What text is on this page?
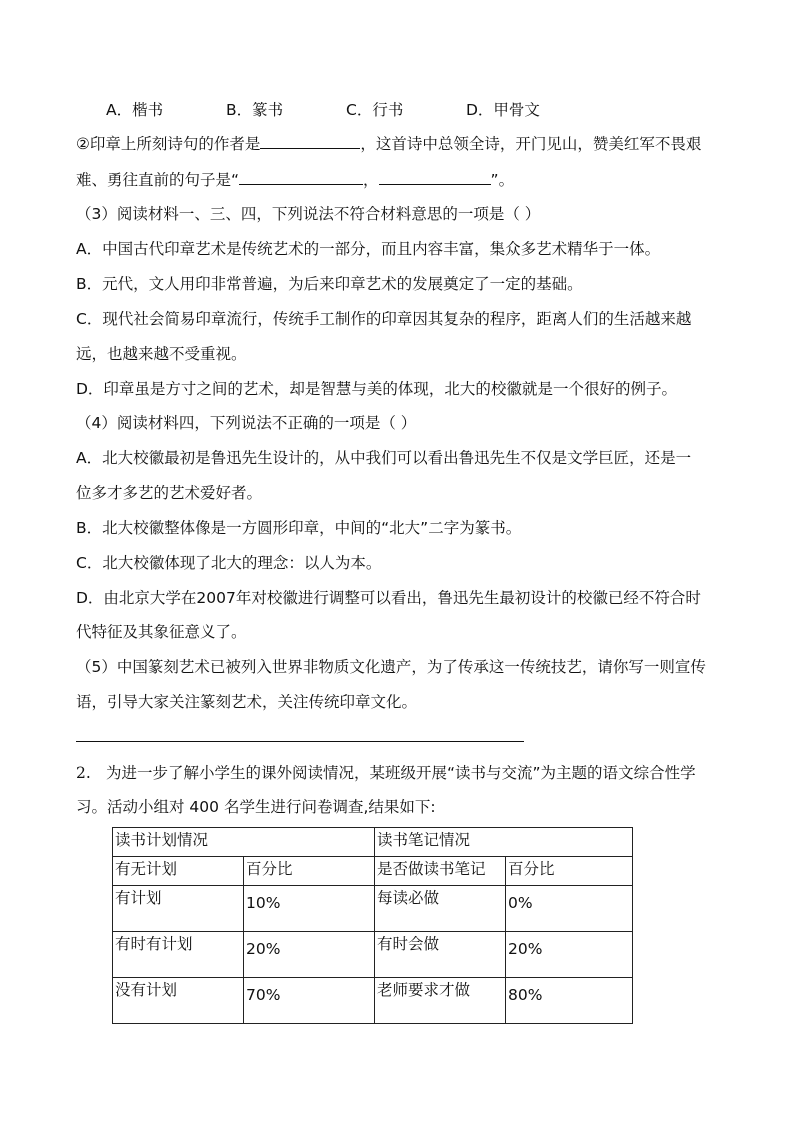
A．楷书	B．篆书	C．行书	D．甲骨文
②印章上所刻诗句的作者是	，这首诗中总领全诗，开门见山，赞美红军不畏艰
难、勇往直前的句子是“	，	”。
（3）阅读材料一、三、四，下列说法不符合材料意思的一项是（ ）
A．中国古代印章艺术是传统艺术的一部分，而且内容丰富，集众多艺术精华于一体。
B．元代，文人用印非常普遍，为后来印章艺术的发展奠定了一定的基础。
C．现代社会简易印章流行，传统手工制作的印章因其复杂的程序，距离人们的生活越来越
远，也越来越不受重视。
D．印章虽是方寸之间的艺术，却是智慧与美的体现，北大的校徽就是一个很好的例子。
（4）阅读材料四，下列说法不正确的一项是（ ）
A．北大校徽最初是鲁迅先生设计的，从中我们可以看出鲁迅先生不仅是文学巨匠，还是一
位多才多艺的艺术爱好者。
B．北大校徽整体像是一方圆形印章，中间的“北大”二字为篆书。
C．北大校徽体现了北大的理念：以人为本。
D．由北京大学在2007年对校徽进行调整可以看出，鲁迅先生最初设计的校徽已经不符合时
代特征及其象征意义了。
（5）中国篆刻艺术已被列入世界非物质文化遗产，为了传承这一传统技艺，请你写一则宣传
语，引导大家关注篆刻艺术，关注传统印章文化。
2. 为进一步了解小学生的课外阅读情况，某班级开展“读书与交流”为主题的语文综合性学
习。活动小组对 400 名学生进行问卷调查,结果如下:
读书计划情况		读书笔记情况	
有无计划	百分比	是否做读书笔记	百分比
有计划	10%	每读必做	0%
有时有计划	20%	有时会做	20%
没有计划	70%	老师要求才做	80%
